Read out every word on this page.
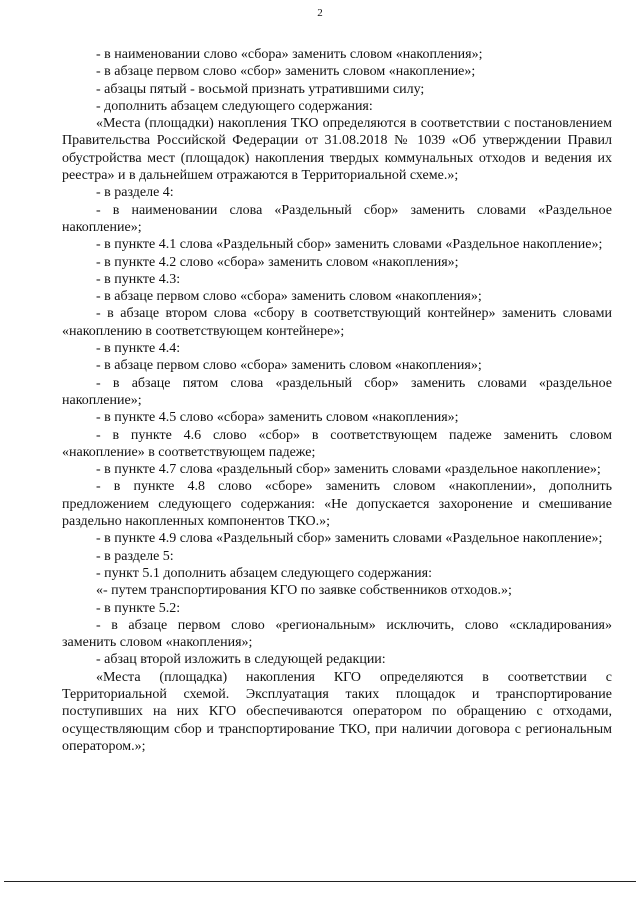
2

- в наименовании слово «сбора» заменить словом «накопления»;

- в абзаце первом слово «сбор» заменить словом «накопление»;

- абзацы пятый - восьмой признать утратившими силу;

- дополнить абзацем следующего содержания:

«Места (площадки) накопления ТКО определяются в соответствии с постановлением Правительства Российской Федерации от 31.08.2018 № 1039 «Об утверждении Правил обустройства мест (площадок) накопления твердых коммунальных отходов и ведения их реестра» и в дальнейшем отражаются в Территориальной схеме.»;

- в разделе 4:

- в наименовании слова «Раздельный сбор» заменить словами «Раздельное накопление»;

- в пункте 4.1 слова «Раздельный сбор» заменить словами «Раздельное накопление»;

- в пункте 4.2 слово «сбора» заменить словом «накопления»;

- в пункте 4.3:

- в абзаце первом слово «сбора» заменить словом «накопления»;

- в абзаце втором слова «сбору в соответствующий контейнер» заменить словами «накоплению в соответствующем контейнере»;

- в пункте 4.4:

- в абзаце первом слово «сбора» заменить словом «накопления»;

- в абзаце пятом слова «раздельный сбор» заменить словами «раздельное накопление»;

- в пункте 4.5 слово «сбора» заменить словом «накопления»;

- в пункте 4.6 слово «сбор» в соответствующем падеже заменить словом «накопление» в соответствующем падеже;

- в пункте 4.7 слова «раздельный сбор» заменить словами «раздельное накопление»;

- в пункте 4.8 слово «сборе» заменить словом «накоплении», дополнить предложением следующего содержания: «Не допускается захоронение и смешивание раздельно накопленных компонентов ТКО.»;

- в пункте 4.9 слова «Раздельный сбор» заменить словами «Раздельное накопление»;

- в разделе 5:

- пункт 5.1 дополнить абзацем следующего содержания:

«- путем транспортирования КГО по заявке собственников отходов.»;

- в пункте 5.2:

- в абзаце первом слово «региональным» исключить, слово «складирования» заменить словом «накопления»;

- абзац второй изложить в следующей редакции:

«Места (площадка) накопления КГО определяются в соответствии с Территориальной схемой. Эксплуатация таких площадок и транспортирование поступивших на них КГО обеспечиваются оператором по обращению с отходами, осуществляющим сбор и транспортирование ТКО, при наличии договора с региональным оператором.»;
